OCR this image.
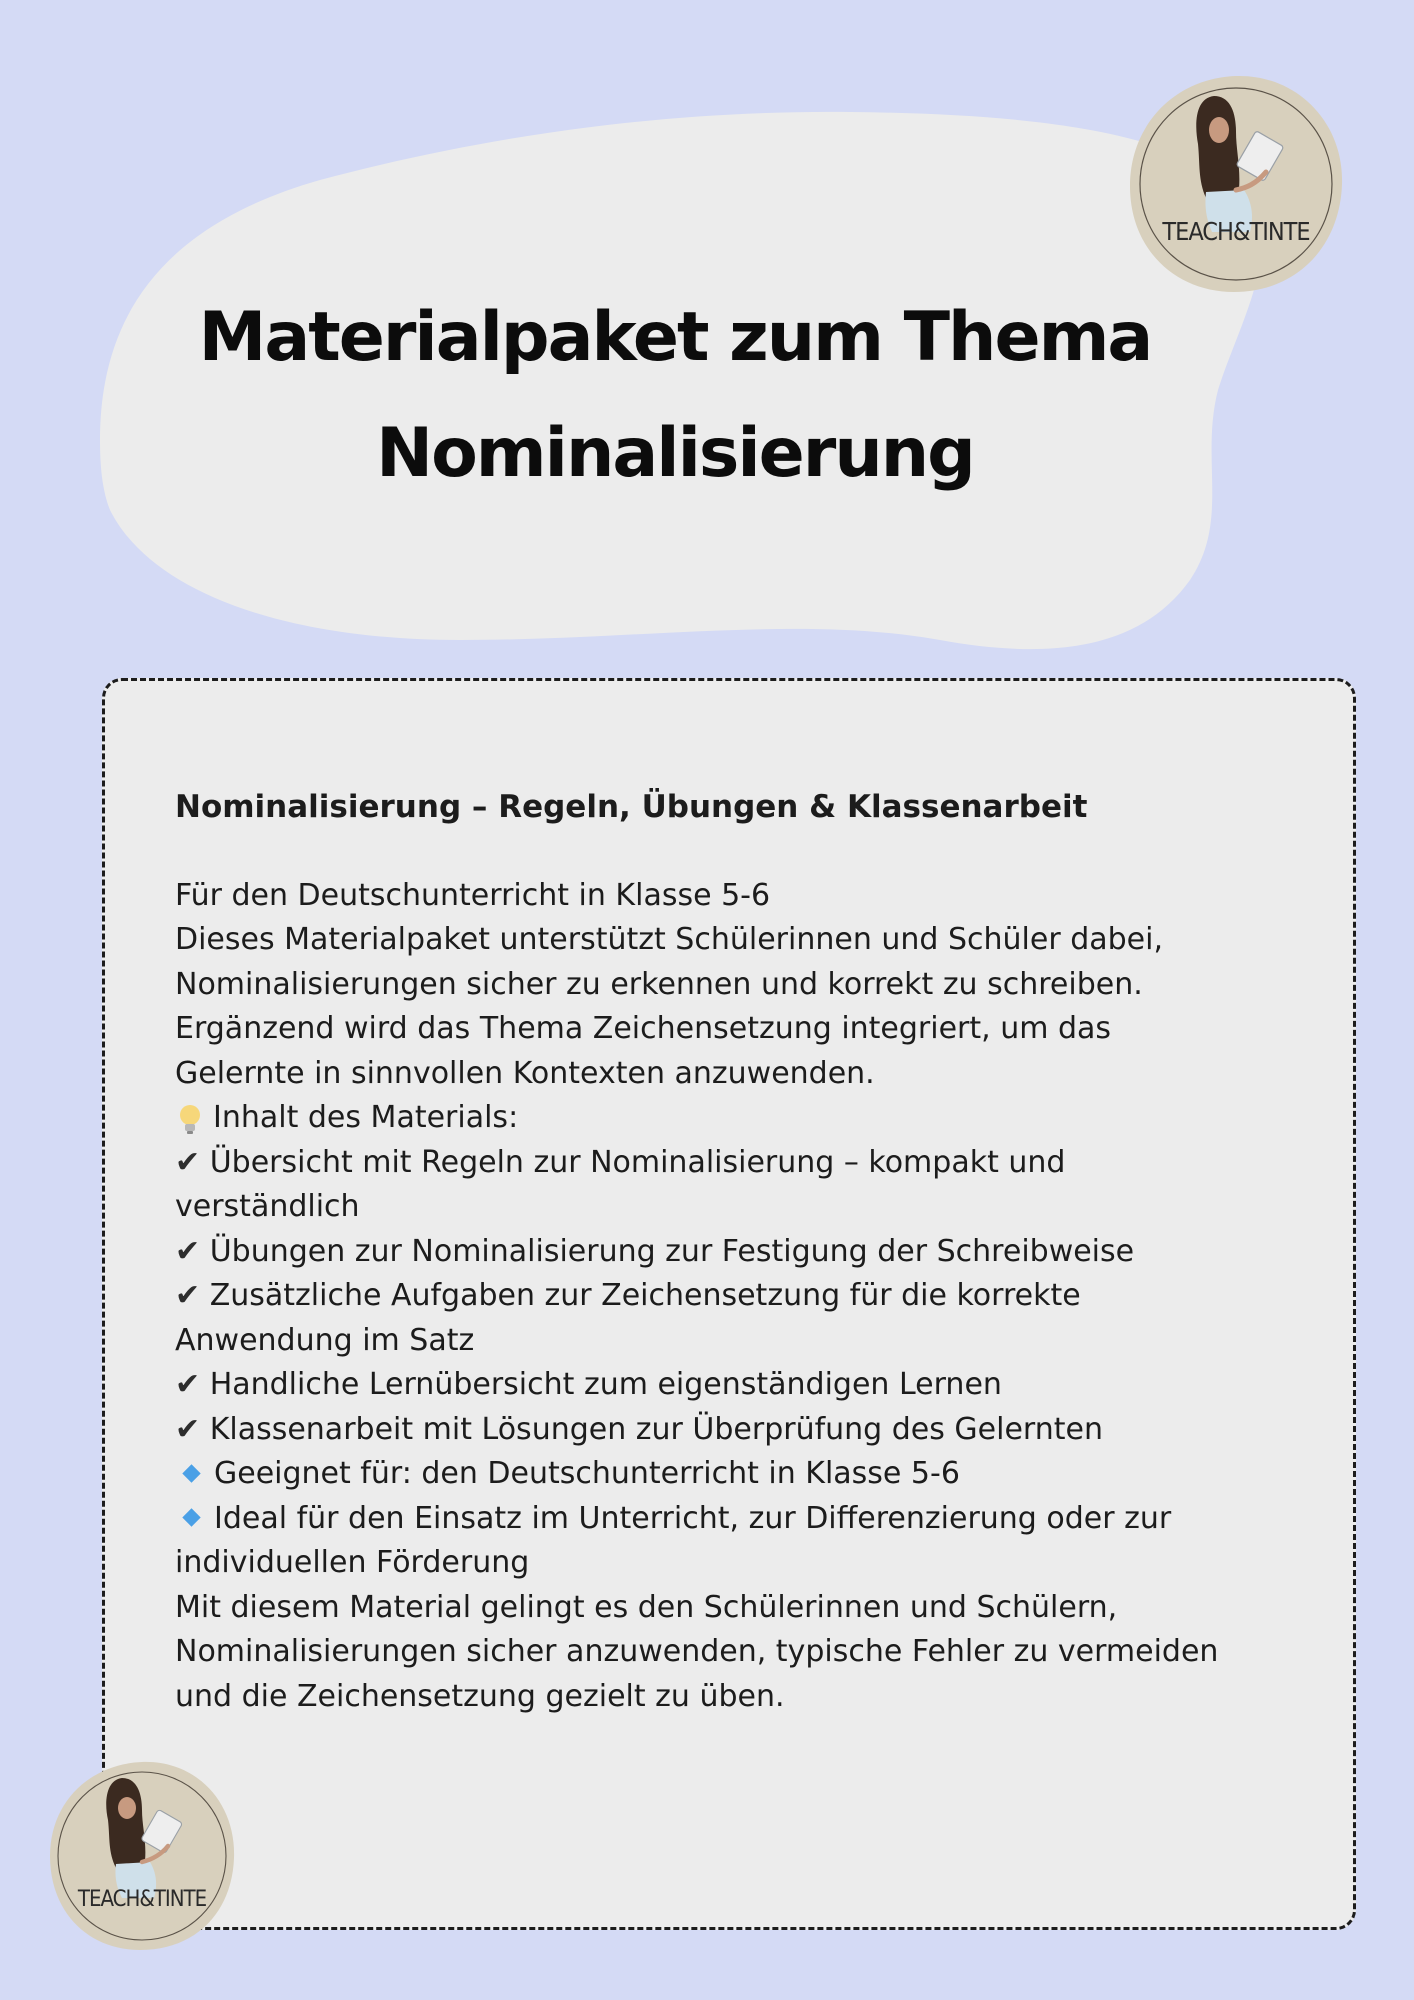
Materialpaket zum Thema
Nominalisierung
TEACH&TINTE

Nominalisierung – Regeln, Übungen & Klassenarbeit

Für den Deutschunterricht in Klasse 5-6
Dieses Materialpaket unterstützt Schülerinnen und Schüler dabei,
Nominalisierungen sicher zu erkennen und korrekt zu schreiben.
Ergänzend wird das Thema Zeichensetzung integriert, um das
Gelernte in sinnvollen Kontexten anzuwenden.
Inhalt des Materials:
✔ Übersicht mit Regeln zur Nominalisierung – kompakt und
verständlich
✔ Übungen zur Nominalisierung zur Festigung der Schreibweise
✔ Zusätzliche Aufgaben zur Zeichensetzung für die korrekte
Anwendung im Satz
✔ Handliche Lernübersicht zum eigenständigen Lernen
✔ Klassenarbeit mit Lösungen zur Überprüfung des Gelernten
Geeignet für: den Deutschunterricht in Klasse 5-6
Ideal für den Einsatz im Unterricht, zur Differenzierung oder zur
individuellen Förderung
Mit diesem Material gelingt es den Schülerinnen und Schülern,
Nominalisierungen sicher anzuwenden, typische Fehler zu vermeiden
und die Zeichensetzung gezielt zu üben.
TEACH&TINTE
